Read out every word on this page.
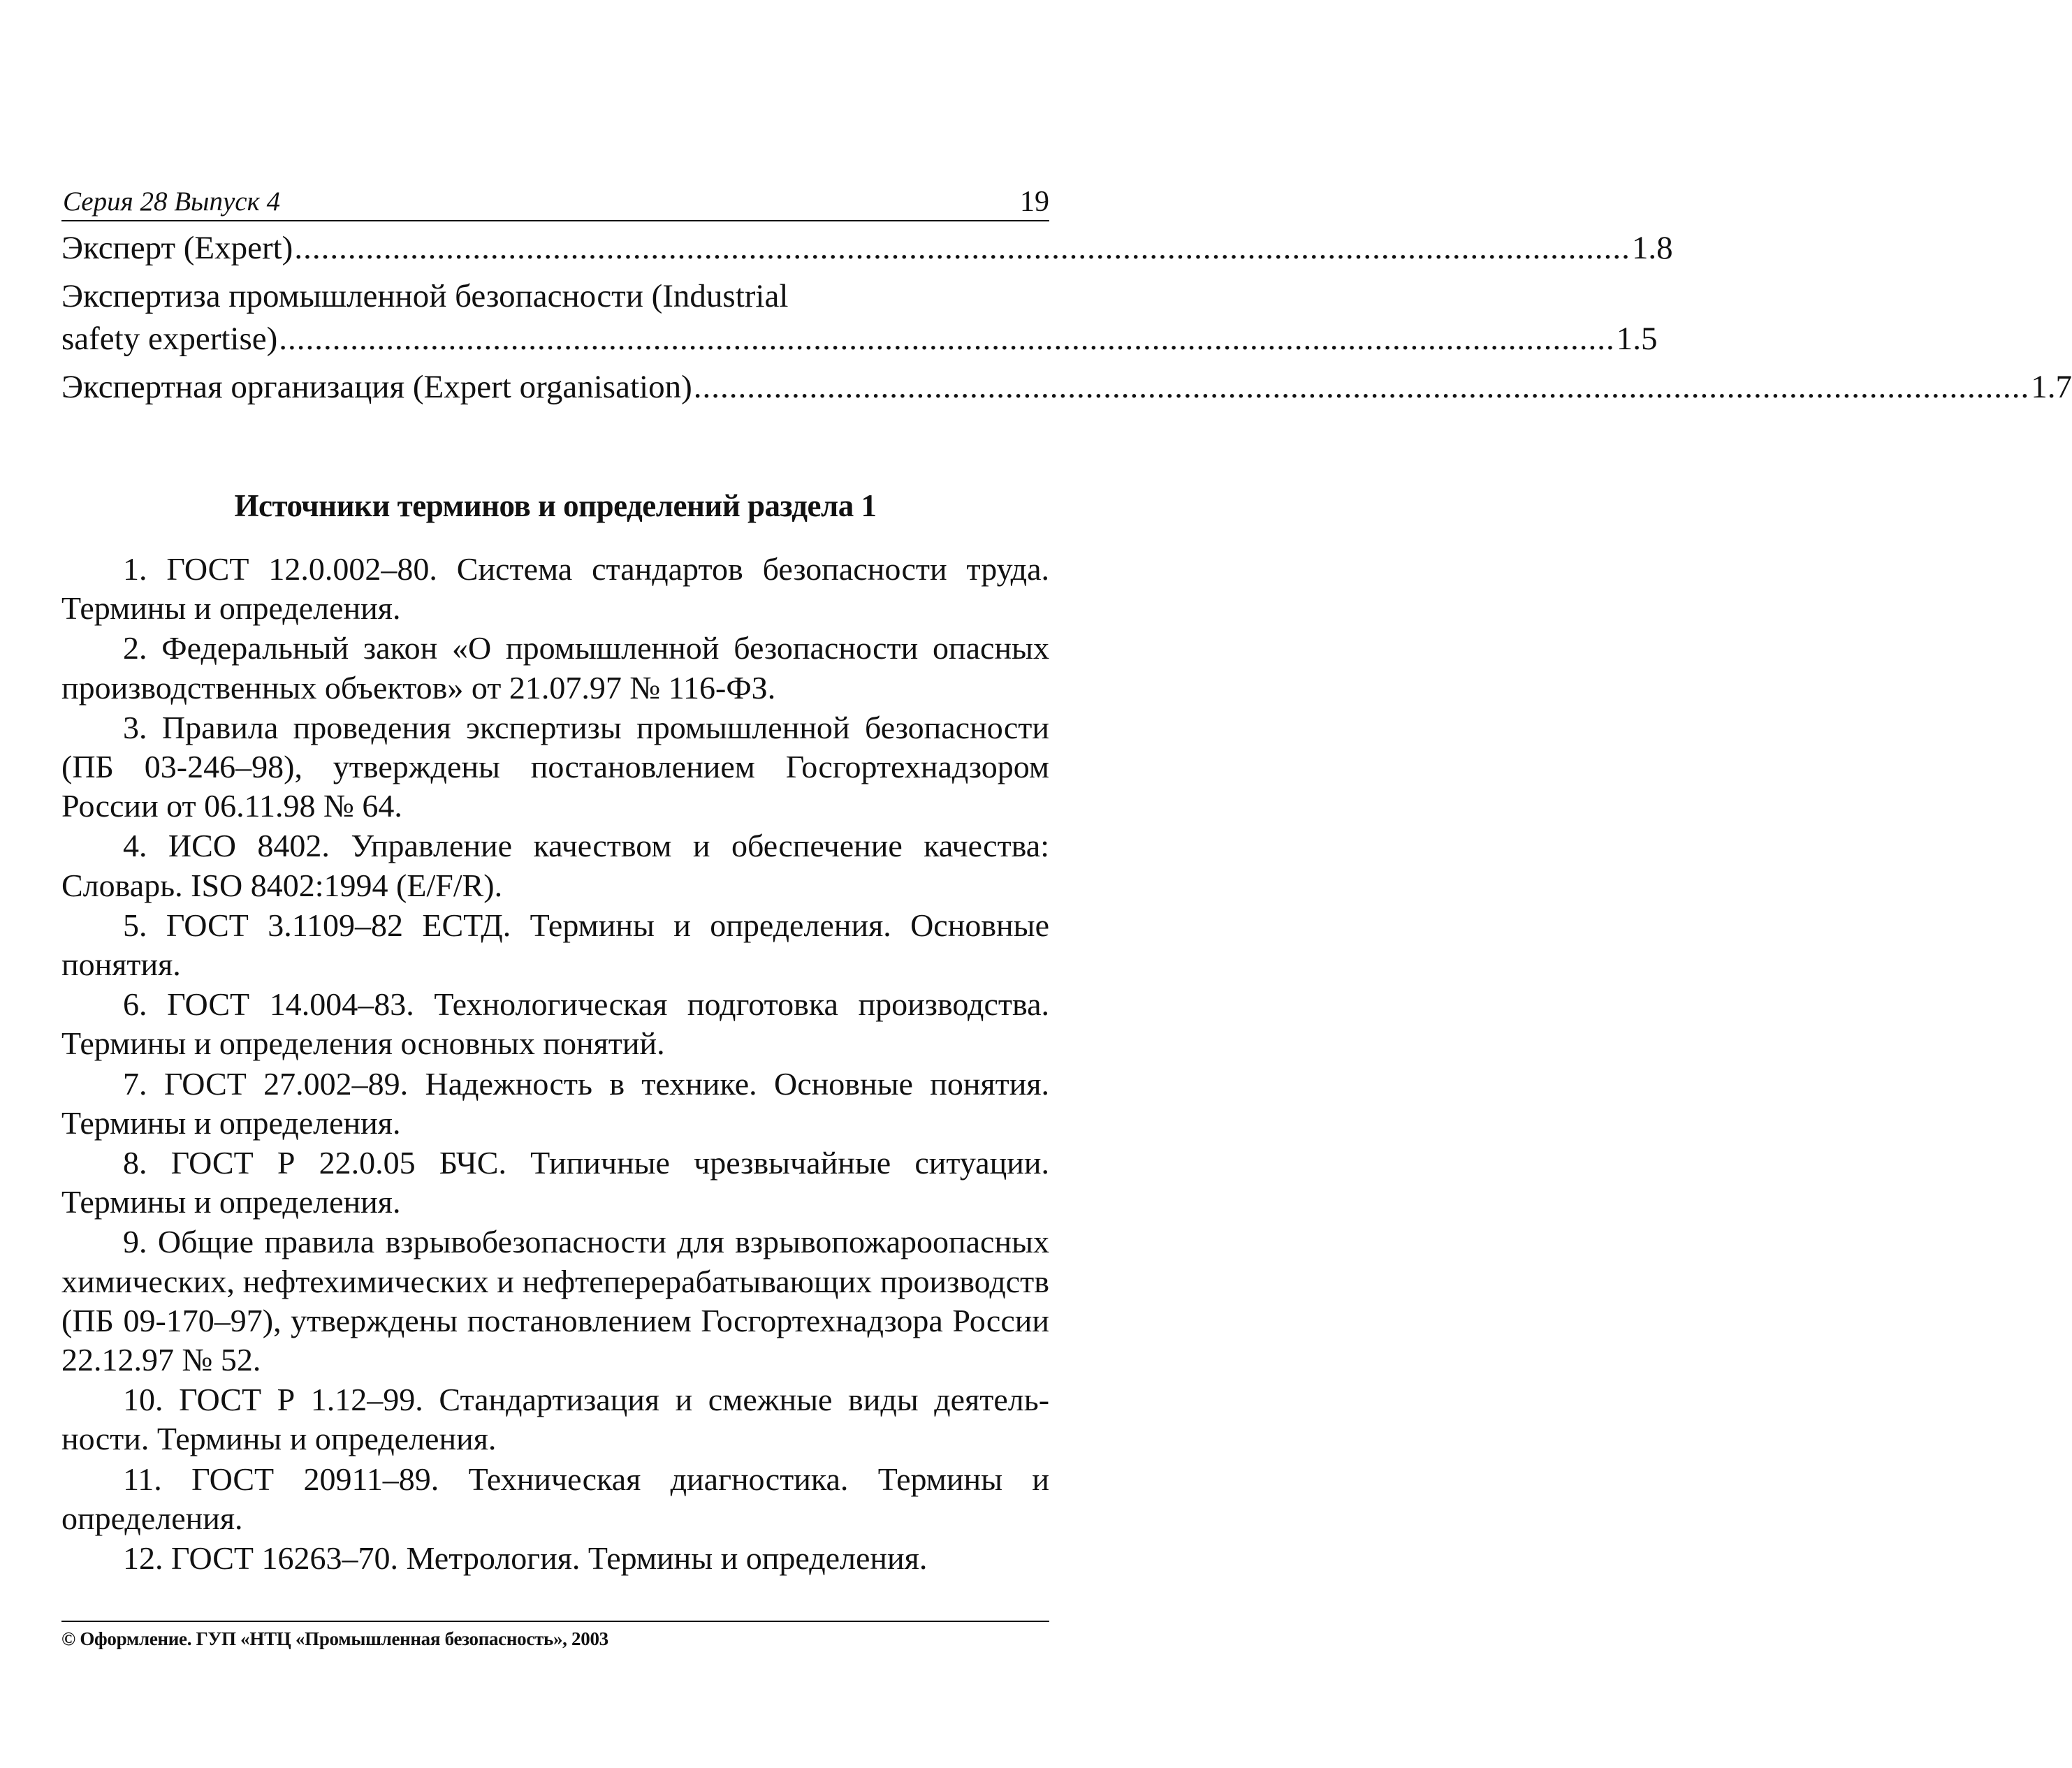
Серия 28 Выпуск 4	19
Эксперт (Expert) ...................................................................................................................................................... 1.8
Экспертиза промышленной безопасности (Industrial
safety expertise) ...................................................................................................................................................... 1.5
Экспертная организация (Expert organisation) ...................................................................................................................................................... 1.7
Источники терминов и определений раздела 1

1. ГОСТ 12.0.002–80. Система стандартов безопасности труда. Термины и определения.

2. Федеральный закон «О промышленной безопасности опасных производственных объектов» от 21.07.97 № 116-ФЗ.

3. Правила проведения экспертизы промышленной безопасности (ПБ 03-246–98), утверждены постановлением Госгортехнадзором России от 06.11.98 № 64.

4. ИСО 8402. Управление качеством и обеспечение качества: Словарь. ISO 8402:1994 (E/F/R).

5. ГОСТ 3.1109–82 ЕСТД. Термины и определения. Основные понятия.

6. ГОСТ 14.004–83. Технологическая подготовка производства. Термины и определения основных понятий.

7. ГОСТ 27.002–89. Надежность в технике. Основные понятия. Термины и определения.

8. ГОСТ Р 22.0.05 БЧС. Типичные чрезвычайные ситуации. Термины и определения.

9. Общие правила взрывобезопасности для взрывопожароопасных химических, нефтехимических и нефтеперерабатывающих производств (ПБ 09-170–97), утверждены постановлением Госгортехнадзора России 22.12.97 № 52.

10. ГОСТ Р 1.12–99. Стандартизация и смежные виды деятельности. Термины и определения.

11. ГОСТ 20911–89. Техническая диагностика. Термины и определения.

12. ГОСТ 16263–70. Метрология. Термины и определения.

© Оформление. ГУП «НТЦ «Промышленная безопасность», 2003
